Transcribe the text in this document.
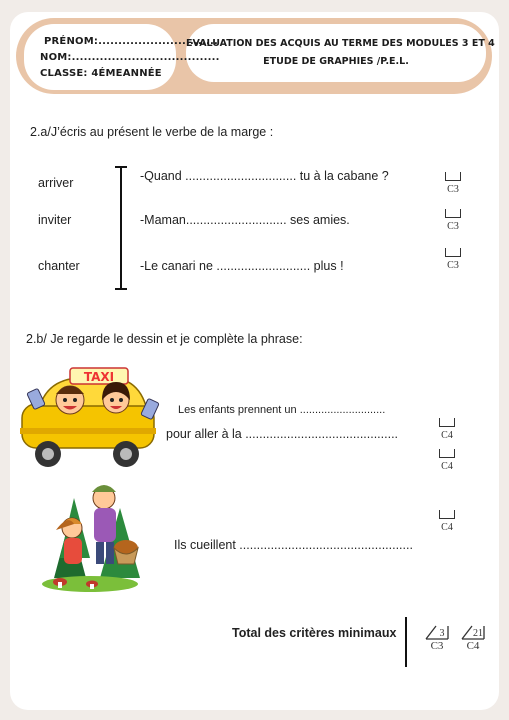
PRÉNOM:..............................
NOM:.....................................
CLASSE: 4ÉMEANNÉE
EVALUATION DES ACQUIS AU TERME DES MODULES 3 ET 4
ETUDE DE GRAPHIES /P.E.L.
2.a/J’écris au présent le verbe de la marge :
arriver
inviter
chanter
-Quand ................................ tu à la cabane ?
-Maman............................. ses amies.
-Le canari ne ........................... plus !
C3
C3
C3
2.b/ Je regarde le dessin et je complète la phrase:
TAXI
Les enfants prennent un ............................
pour aller à la ............................................
Ils cueillent ..................................................
C4
C4
C4
Total des critères minimaux	3
C3
21
C4
